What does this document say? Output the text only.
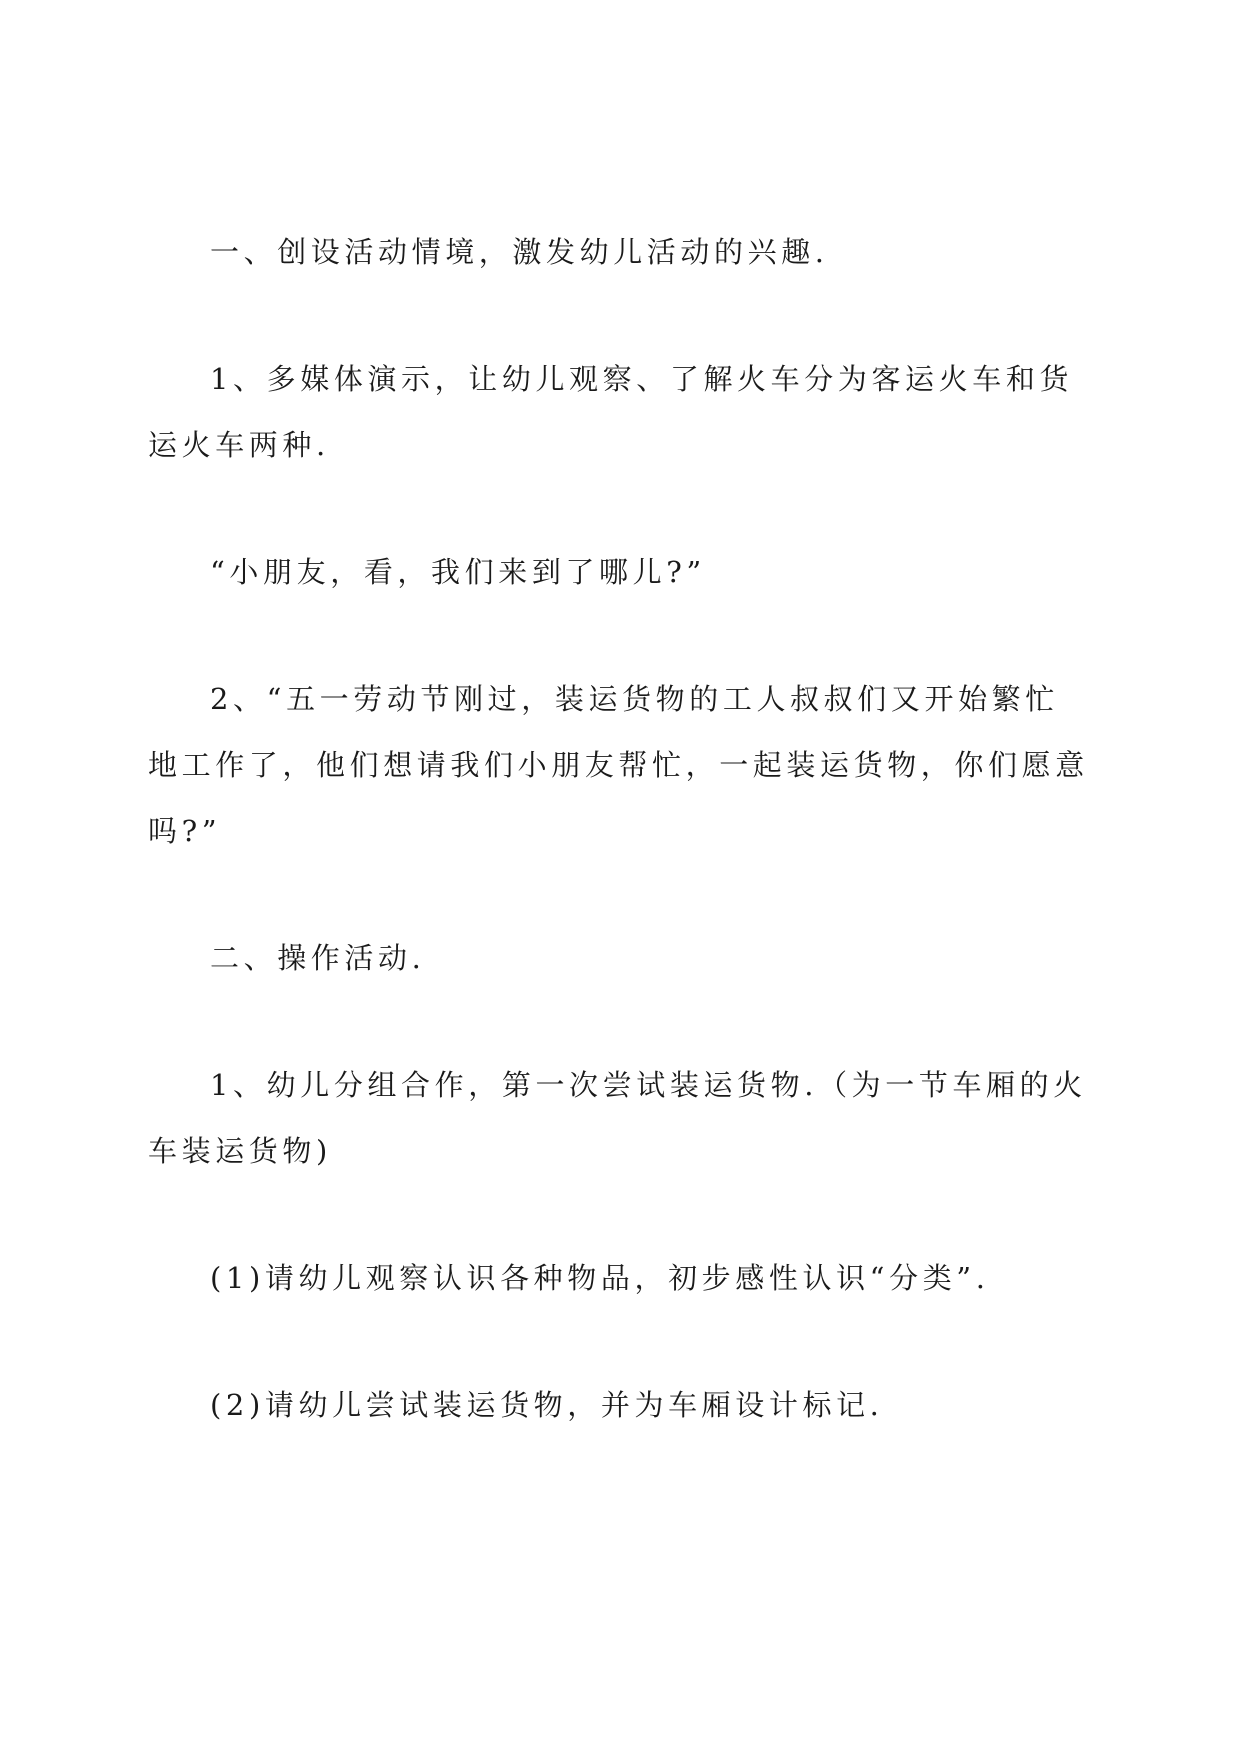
一、创设活动情境，激发幼儿活动的兴趣.
1、多媒体演示，让幼儿观察、了解火车分为客运火车和货
运火车两种.
“小朋友，看，我们来到了哪儿?”
2、“五一劳动节刚过，装运货物的工人叔叔们又开始繁忙
地工作了，他们想请我们小朋友帮忙，一起装运货物，你们愿意
吗?”
二、操作活动.
1、幼儿分组合作，第一次尝试装运货物.（为一节车厢的火
车装运货物)
(1)请幼儿观察认识各种物品，初步感性认识“分类”.
(2)请幼儿尝试装运货物，并为车厢设计标记.
